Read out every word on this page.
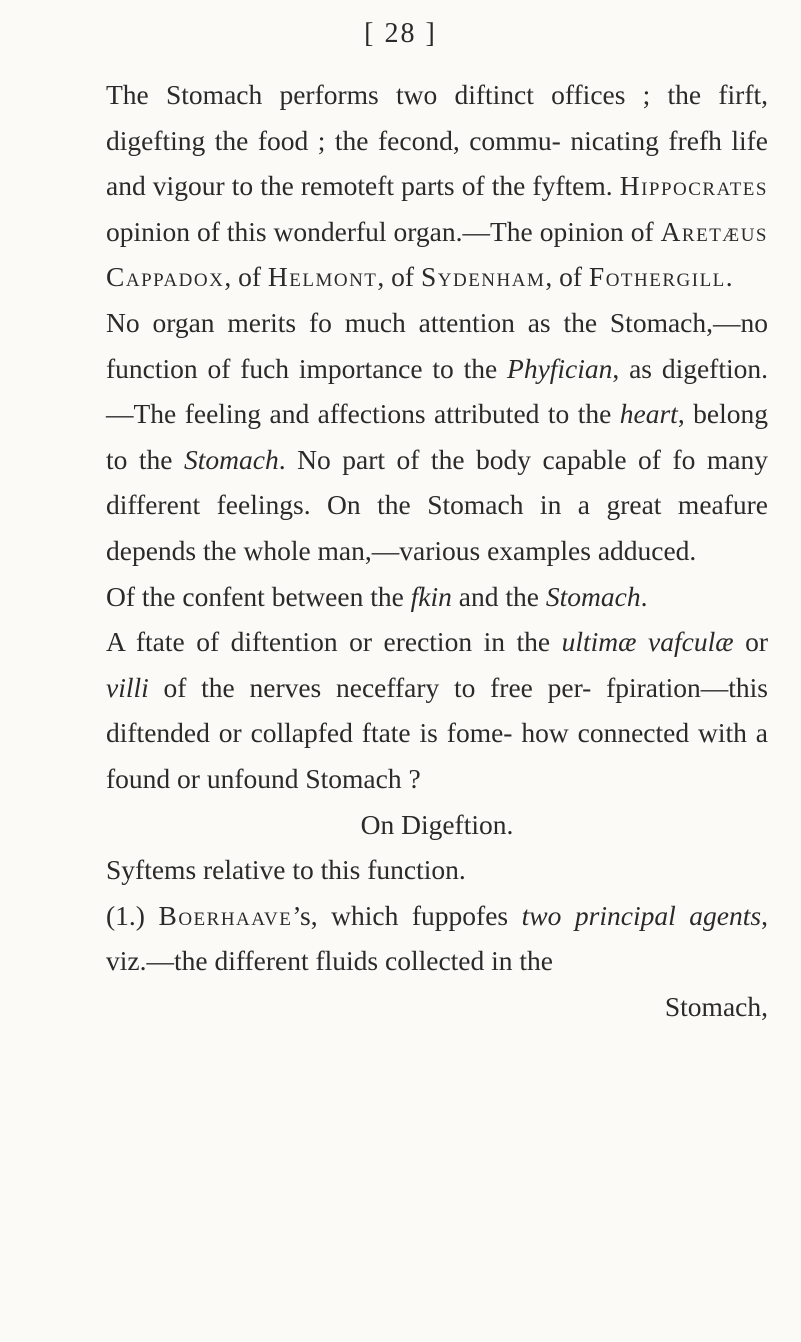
[ 28 ]

The Stomach performs two diftinct offices ; the firft, digefting the food ; the fecond, commu- nicating frefh life and vigour to the remoteft parts of the fyftem. Hippocrates opinion of this wonderful organ.—The opinion of Aretæus Cappadox, of Helmont, of Sydenham, of Fothergill.

No organ merits fo much attention as the Stomach,—no function of fuch importance to the Phyfician, as digeftion.—The feeling and affections attributed to the heart, belong to the Stomach. No part of the body capable of fo many different feelings. On the Stomach in a great meafure depends the whole man,—various examples adduced.

Of the confent between the fkin and the Stomach.

A ftate of diftention or erection in the ultimæ vafculæ or villi of the nerves neceffary to free per- fpiration—this diftended or collapfed ftate is fome- how connected with a found or unfound Stomach ?

On Digeftion.

Syftems relative to this function.

(1.) Boerhaave’s, which fuppofes two principal agents, viz.—the different fluids collected in the

Stomach,
